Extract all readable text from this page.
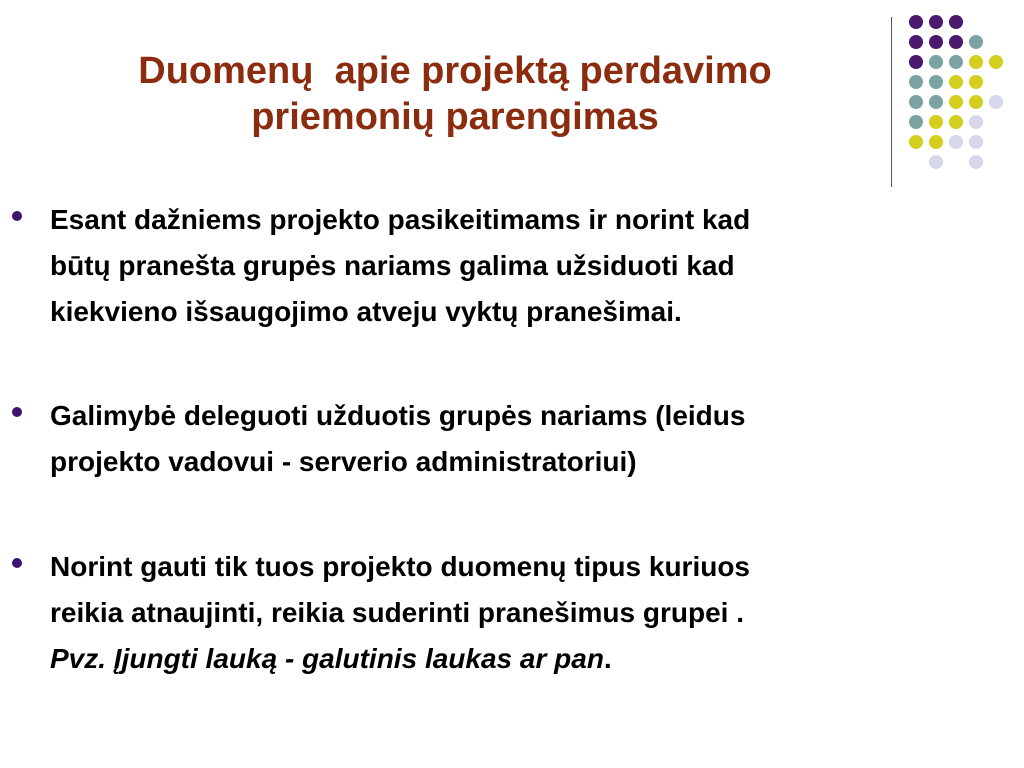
Duomenų  apie projektą perdavimo
priemonių parengimas
Esant dažniems projekto pasikeitimams ir norint kad
būtų pranešta grupės nariams galima užsiduoti kad
kiekvieno išsaugojimo atveju vyktų pranešimai.
Galimybė deleguoti užduotis grupės nariams (leidus
projekto vadovui - serverio administratoriui)
Norint gauti tik tuos projekto duomenų tipus kuriuos
reikia atnaujinti, reikia suderinti pranešimus grupei .
Pvz. Įjungti lauką - galutinis laukas ar pan.
